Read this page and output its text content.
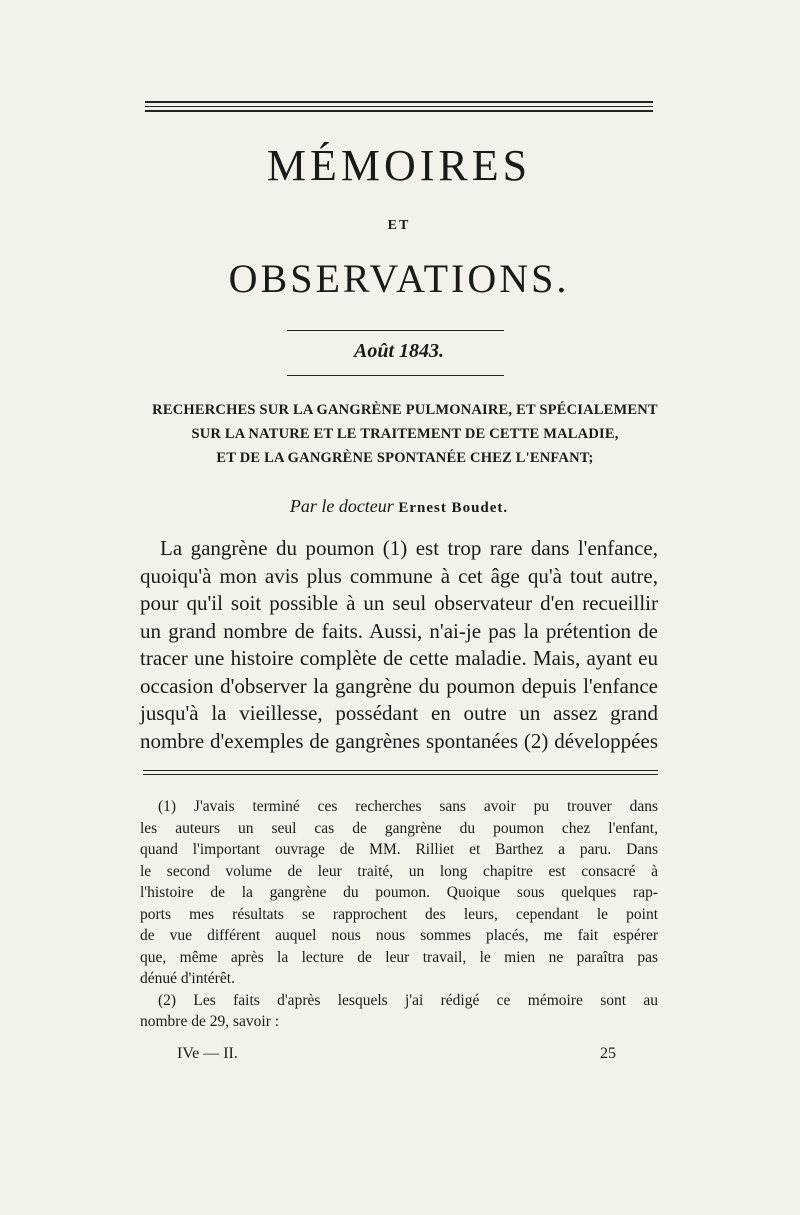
MÉMOIRES
ET
OBSERVATIONS.
Août 1843.
RECHERCHES SUR LA GANGRÈNE PULMONAIRE, ET SPÉCIALEMENT
SUR LA NATURE ET LE TRAITEMENT DE CETTE MALADIE,
ET DE LA GANGRÈNE SPONTANÉE CHEZ L'ENFANT;
Par le docteur Ernest Boudet.
La gangrène du poumon (1) est trop rare dans l'enfance,
quoiqu'à mon avis plus commune à cet âge qu'à tout autre,
pour qu'il soit possible à un seul observateur d'en recueillir
un grand nombre de faits. Aussi, n'ai-je pas la prétention de
tracer une histoire complète de cette maladie. Mais, ayant eu
occasion d'observer la gangrène du poumon depuis l'enfance
jusqu'à la vieillesse, possédant en outre un assez grand
nombre d'exemples de gangrènes spontanées (2) développées
(1) J'avais terminé ces recherches sans avoir pu trouver dans
les auteurs un seul cas de gangrène du poumon chez l'enfant,
quand l'important ouvrage de MM. Rilliet et Barthez a paru. Dans
le second volume de leur traité, un long chapitre est consacré à
l'histoire de la gangrène du poumon. Quoique sous quelques rap-
ports mes résultats se rapprochent des leurs, cependant le point
de vue différent auquel nous nous sommes placés, me fait espérer
que, même après la lecture de leur travail, le mien ne paraîtra pas
dénué d'intérêt.
(2) Les faits d'après lesquels j'ai rédigé ce mémoire sont au
nombre de 29, savoir :
IVe — II.	25
